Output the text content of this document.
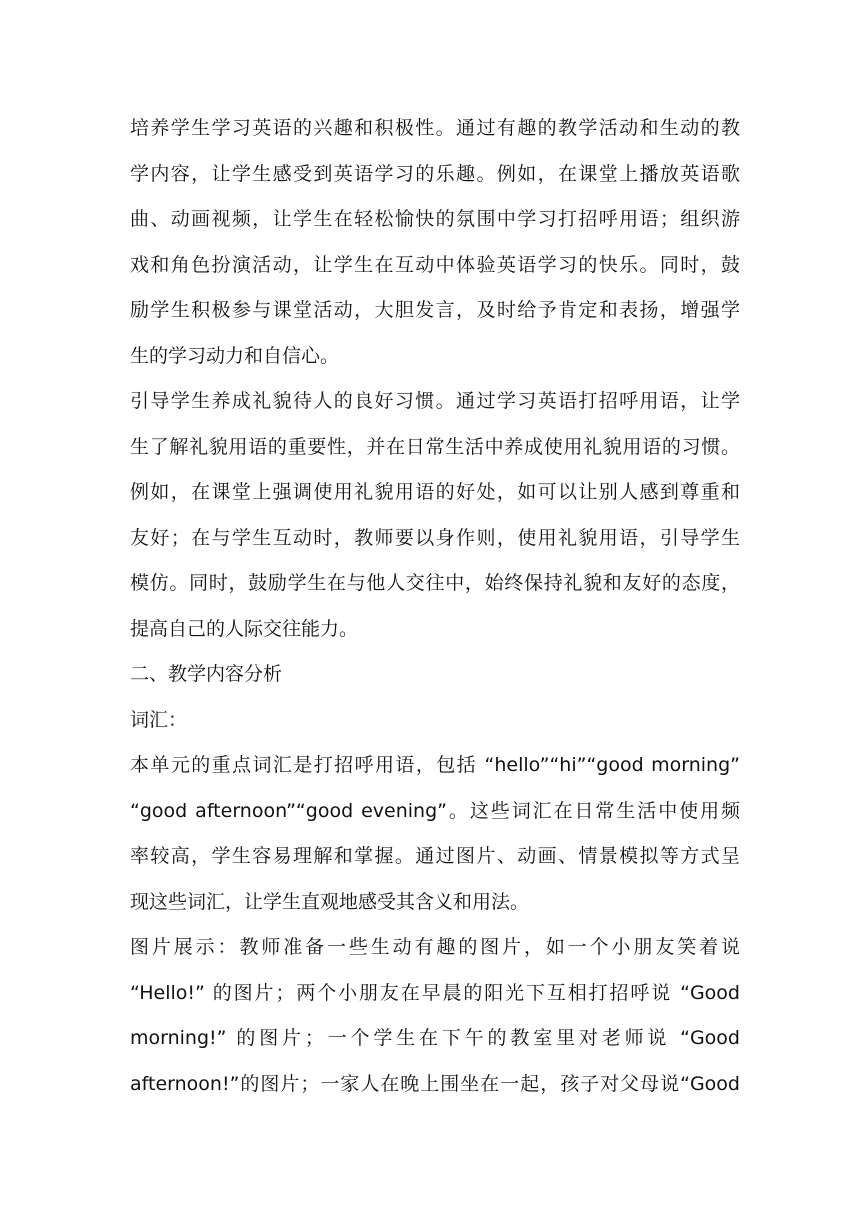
培养学生学习英语的兴趣和积极性。通过有趣的教学活动和生动的教
学内容，让学生感受到英语学习的乐趣。例如，在课堂上播放英语歌
曲、动画视频，让学生在轻松愉快的氛围中学习打招呼用语；组织游
戏和角色扮演活动，让学生在互动中体验英语学习的快乐。同时，鼓
励学生积极参与课堂活动，大胆发言，及时给予肯定和表扬，增强学
生的学习动力和自信心。
引导学生养成礼貌待人的良好习惯。通过学习英语打招呼用语，让学
生了解礼貌用语的重要性，并在日常生活中养成使用礼貌用语的习惯。
例如，在课堂上强调使用礼貌用语的好处，如可以让别人感到尊重和
友好；在与学生互动时，教师要以身作则，使用礼貌用语，引导学生
模仿。同时，鼓励学生在与他人交往中，始终保持礼貌和友好的态度，
提高自己的人际交往能力。
二、教学内容分析
词汇：
本单元的重点词汇是打招呼用语，包括 “hello”“hi”“good morning”
“good afternoon”“good evening”。这些词汇在日常生活中使用频
率较高，学生容易理解和掌握。通过图片、动画、情景模拟等方式呈
现这些词汇，让学生直观地感受其含义和用法。
图片展示：教师准备一些生动有趣的图片，如一个小朋友笑着说
“Hello!” 的图片；两个小朋友在早晨的阳光下互相打招呼说 “Good
morning!” 的图片；一个学生在下午的教室里对老师说 “Good
afternoon!”的图片；一家人在晚上围坐在一起，孩子对父母说“Good
